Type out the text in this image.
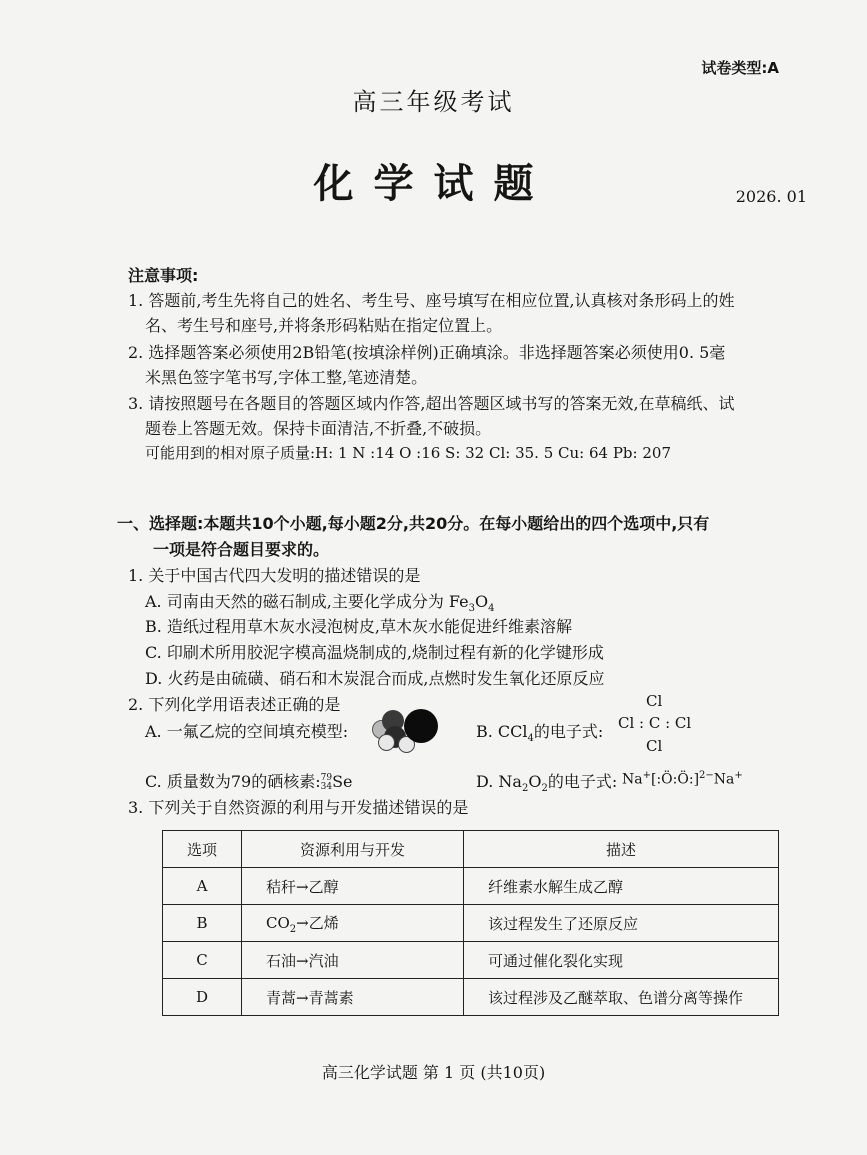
试卷类型:A
高三年级考试
化学试题	2026. 01
注意事项:
1. 答题前,考生先将自己的姓名、考生号、座号填写在相应位置,认真核对条形码上的姓
名、考生号和座号,并将条形码粘贴在指定位置上。
2. 选择题答案必须使用2B铅笔(按填涂样例)正确填涂。非选择题答案必须使用0. 5毫
米黑色签字笔书写,字体工整,笔迹清楚。
3. 请按照题号在各题目的答题区域内作答,超出答题区域书写的答案无效,在草稿纸、试
题卷上答题无效。保持卡面清洁,不折叠,不破损。
可能用到的相对原子质量:H: 1 N :14 O :16 S: 32 Cl: 35. 5 Cu: 64 Pb: 207
一、选择题:本题共10个小题,每小题2分,共20分。在每小题给出的四个选项中,只有
一项是符合题目要求的。
1. 关于中国古代四大发明的描述错误的是
A. 司南由天然的磁石制成,主要化学成分为 $Fe_3O_4$
B. 造纸过程用草木灰水浸泡树皮,草木灰水能促进纤维素溶解
C. 印刷术所用胶泥字模高温烧制成的,烧制过程有新的化学键形成
D. 火药是由硫磺、硝石和木炭混合而成,点燃时发生氧化还原反应
2. 下列化学用语表述正确的是
A. 一氟乙烷的空间填充模型:	B. CCl$_4$的电子式:
Cl
Cl : C : Cl
Cl
C. 质量数为79的硒核素:79
34Se	D. $Na_2O_2$的电子式: Na+[:Ö:Ö:]$^{2-}$Na+
3. 下列关于自然资源的利用与开发描述错误的是
选项	资源利用与开发	描述
A	秸秆→乙醇	纤维素水解生成乙醇
B	$CO_2\to$乙烯	该过程发生了还原反应
C	石油→汽油	可通过催化裂化实现
D	青蒿→青蒿素	该过程涉及乙醚萃取、色谱分离等操作
高三化学试题 第 1 页 (共10页)
